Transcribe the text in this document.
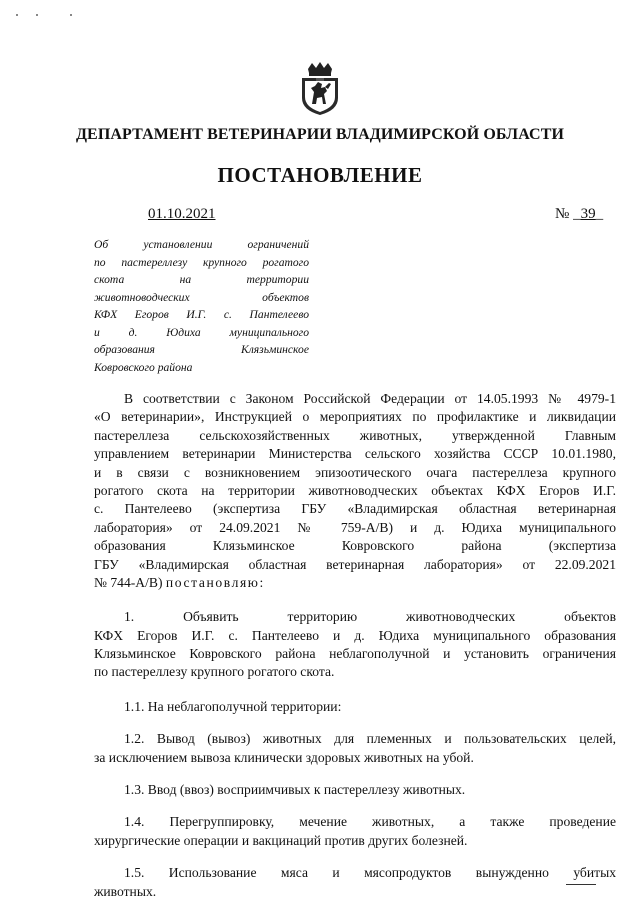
ДЕПАРТАМЕНТ ВЕТЕРИНАРИИ ВЛАДИМИРСКОЙ ОБЛАСТИ
ПОСТАНОВЛЕНИЕ
01.10.2021	№ _39_
Об установлении ограничений
по пастереллезу крупного рогатого
скота на территории
животноводческих объектов
КФХ Егоров И.Г. с. Пантелеево
и д. Юдиха муниципального
образования Клязьминское
Ковровского района
В соответствии с Законом Российской Федерации от 14.05.1993 № 4979-1
«О ветеринарии», Инструкцией о мероприятиях по профилактике и ликвидации
пастереллеза сельскохозяйственных животных, утвержденной Главным
управлением ветеринарии Министерства сельского хозяйства СССР 10.01.1980,
и в связи с возникновением эпизоотического очага пастереллеза крупного
рогатого скота на территории животноводческих объектах КФХ Егоров И.Г.
с. Пантелеево (экспертиза ГБУ «Владимирская областная ветеринарная
лаборатория» от 24.09.2021 № 759-А/В) и д. Юдиха муниципального
образования Клязьминское Ковровского района (экспертиза
ГБУ «Владимирская областная ветеринарная лаборатория» от 22.09.2021
№ 744-А/В) постановляю:
1. Объявить территорию животноводческих объектов
КФХ Егоров И.Г. с. Пантелеево и д. Юдиха муниципального образования
Клязьминское Ковровского района неблагополучной и установить ограничения
по пастереллезу крупного рогатого скота.
1.1. На неблагополучной территории:
1.2. Вывод (вывоз) животных для племенных и пользовательских целей,
за исключением вывоза клинически здоровых животных на убой.
1.3. Ввод (ввоз) восприимчивых к пастереллезу животных.
1.4. Перегруппировку, мечение животных, а также проведение
хирургические операции и вакцинаций против других болезней.
1.5. Использование мяса и мясопродуктов вынужденно убитых
животных.
